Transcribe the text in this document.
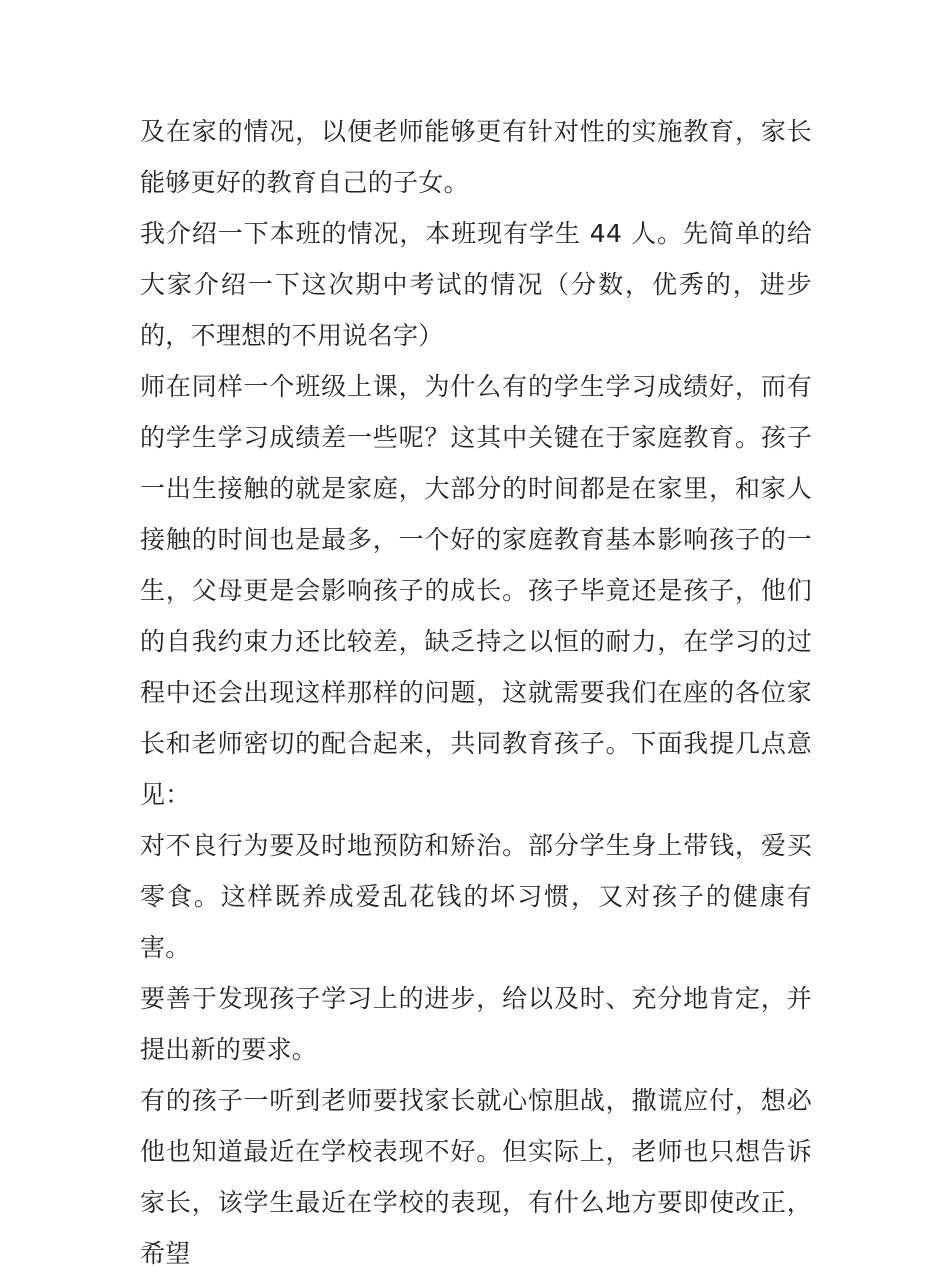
及在家的情况，以便老师能够更有针对性的实施教育，家长能够更好的教育自己的子女。

我介绍一下本班的情况，本班现有学生 44 人。先简单的给大家介绍一下这次期中考试的情况（分数，优秀的，进步的，不理想的不用说名字）

师在同样一个班级上课，为什么有的学生学习成绩好，而有的学生学习成绩差一些呢？这其中关键在于家庭教育。孩子一出生接触的就是家庭，大部分的时间都是在家里，和家人接触的时间也是最多，一个好的家庭教育基本影响孩子的一生，父母更是会影响孩子的成长。孩子毕竟还是孩子，他们的自我约束力还比较差，缺乏持之以恒的耐力，在学习的过程中还会出现这样那样的问题，这就需要我们在座的各位家长和老师密切的配合起来，共同教育孩子。下面我提几点意见：

对不良行为要及时地预防和矫治。部分学生身上带钱，爱买零食。这样既养成爱乱花钱的坏习惯，又对孩子的健康有害。

要善于发现孩子学习上的进步，给以及时、充分地肯定，并提出新的要求。

有的孩子一听到老师要找家长就心惊胆战，撒谎应付，想必他也知道最近在学校表现不好。但实际上，老师也只想告诉家长，该学生最近在学校的表现，有什么地方要即使改正，希望
